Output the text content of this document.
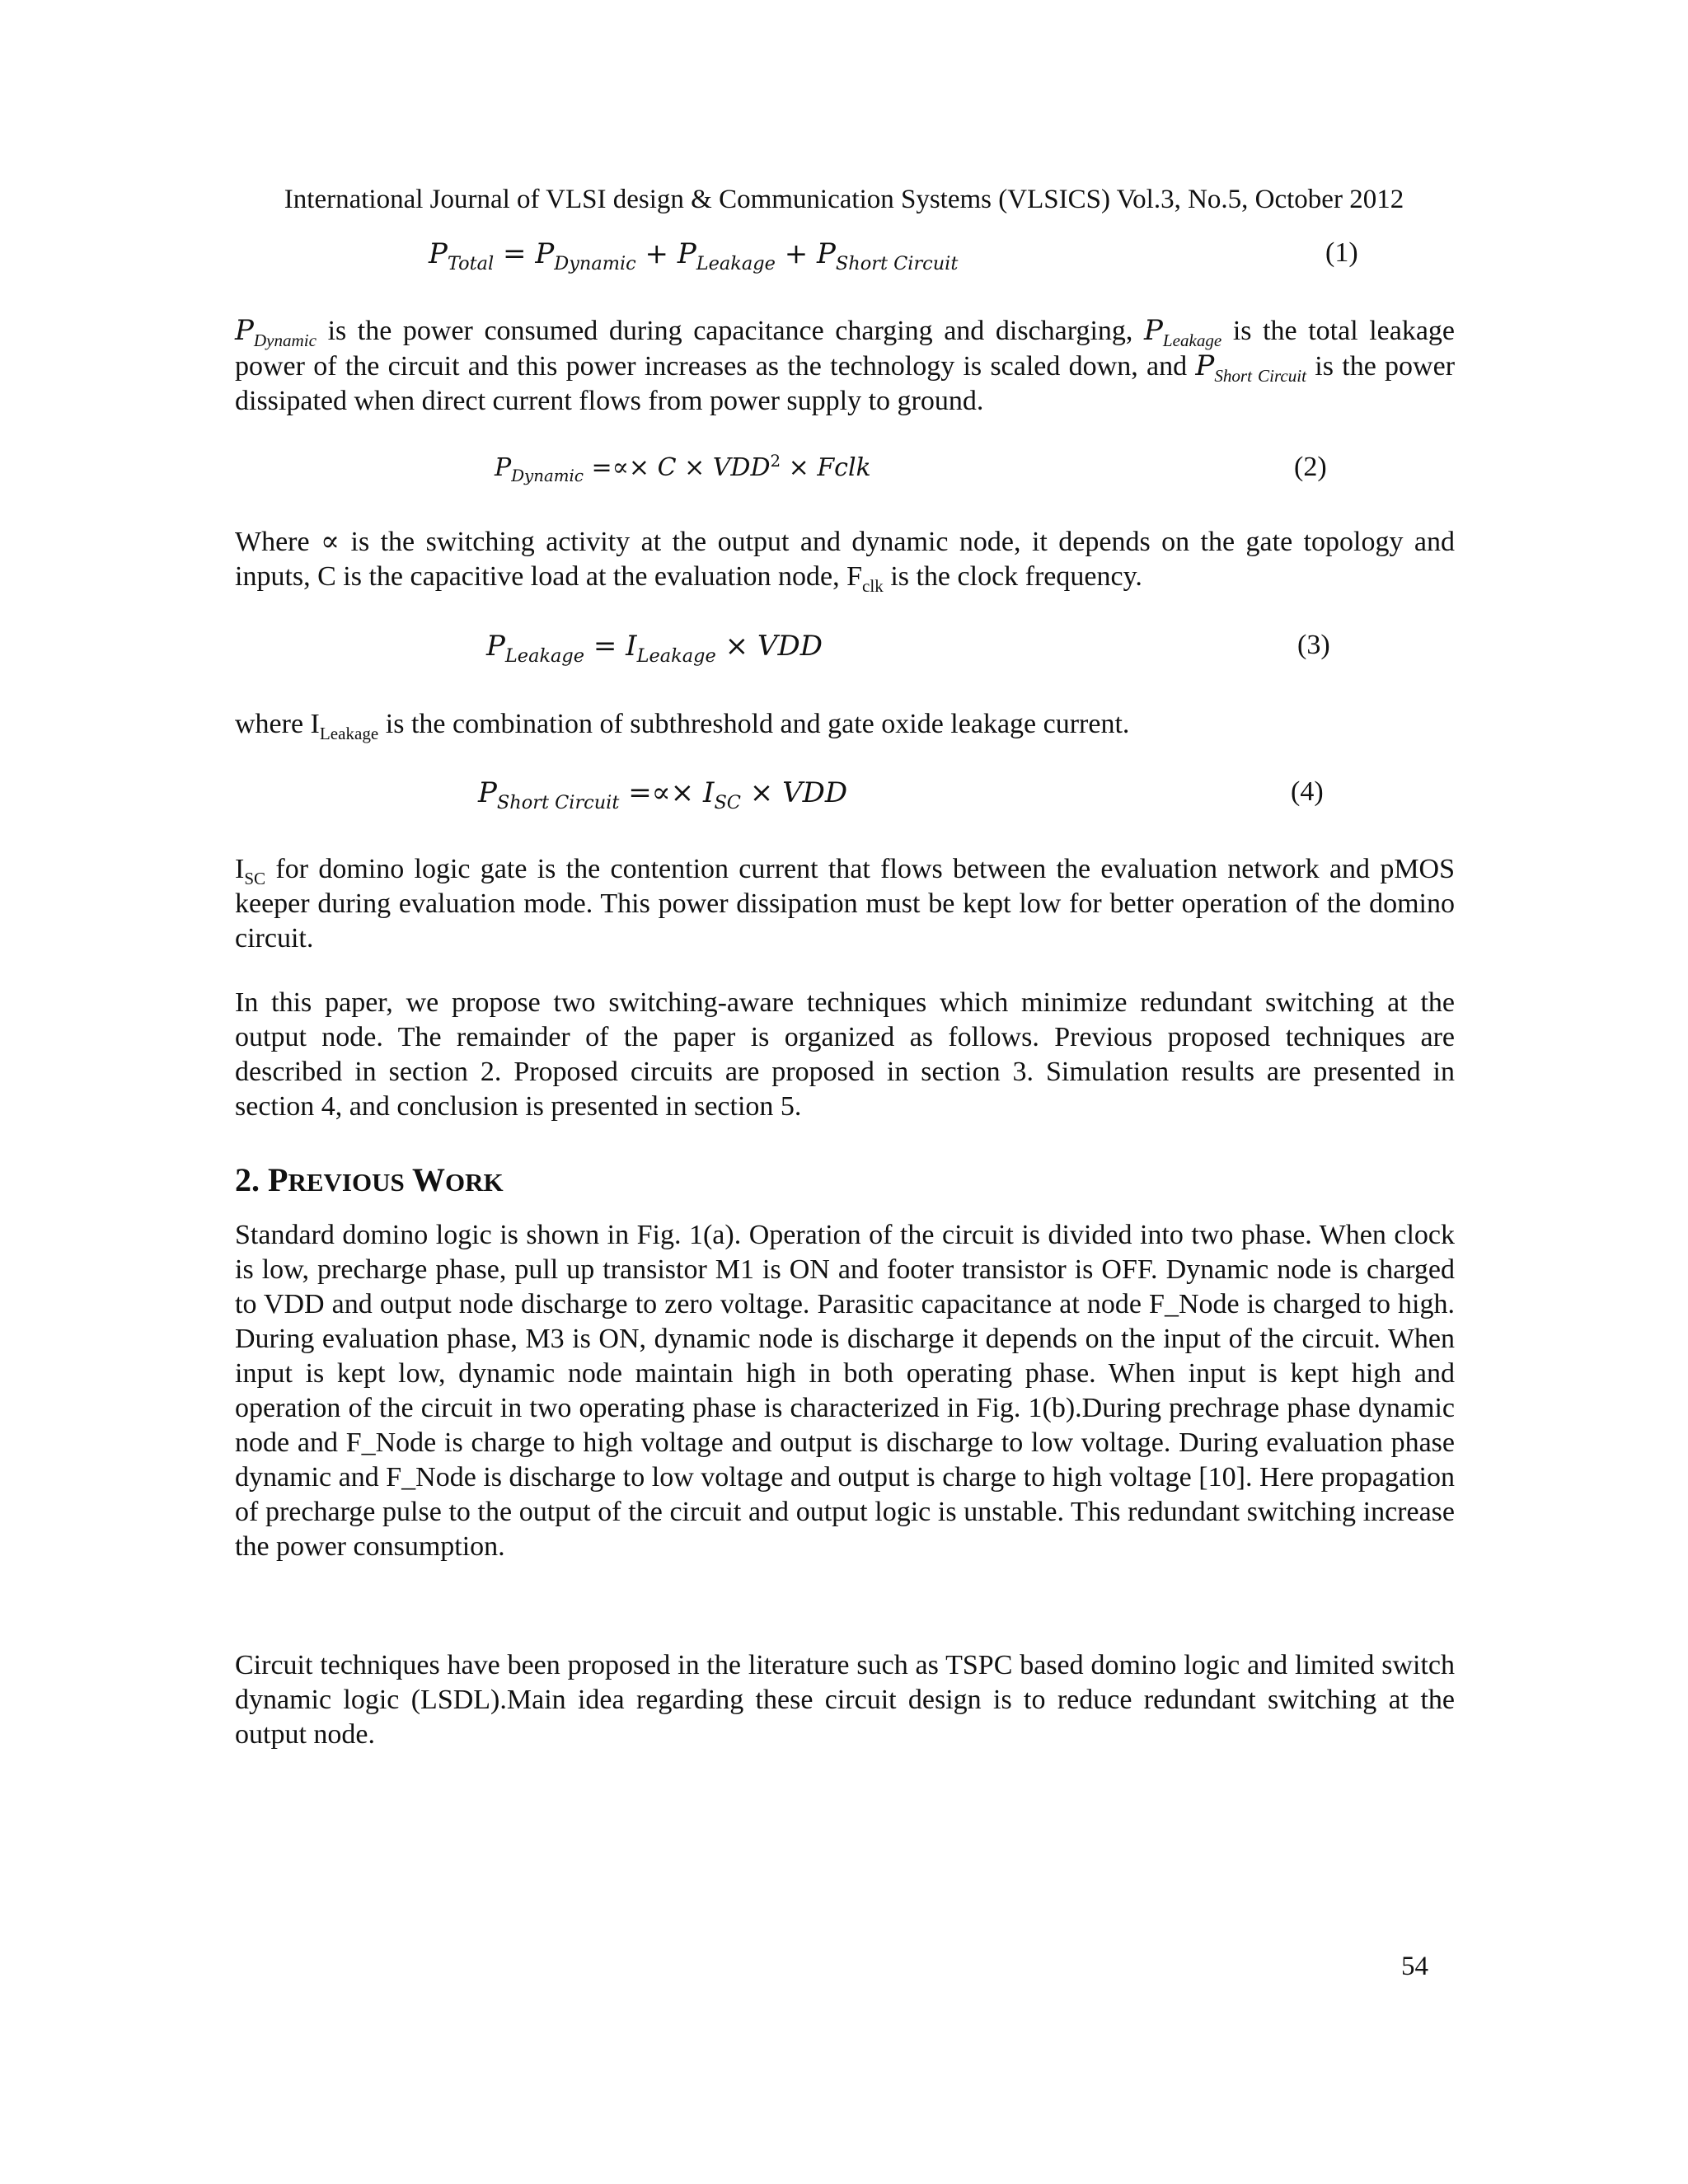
International Journal of VLSI design & Communication Systems (VLSICS) Vol.3, No.5, October 2012
$P_{Total} = P_{Dynamic} + P_{Leakage} + P_{Short Circuit}$	(1)
$P_{Dynamic}$ is the power consumed during capacitance charging and discharging, $P_{Leakage}$ is the total leakage power of the circuit and this power increases as the technology is scaled down, and $P_{Short Circuit}$ is the power dissipated when direct current flows from power supply to ground.
$P_{Dynamic}$ =∝× $C \times VDD^2$ × Fclk	(2)
Where ∝ is the switching activity at the output and dynamic node, it depends on the gate topology and inputs, C is the capacitive load at the evaluation node, $F_{clk}$ is the clock frequency.
$P_{Leakage} = I_{Leakage}$ × VDD	(3)
where $I_{Leakage}$ is the combination of subthreshold and gate oxide leakage current.
$P_{Short Circuit}$ =∝× $I_{SC}$ × VDD	(4)
$I_{SC}$ for domino logic gate is the contention current that flows between the evaluation network and pMOS keeper during evaluation mode. This power dissipation must be kept low for better operation of the domino circuit.
In this paper, we propose two switching-aware techniques which minimize redundant switching at the output node. The remainder of the paper is organized as follows. Previous proposed techniques are described in section 2. Proposed circuits are proposed in section 3. Simulation results are presented in section 4, and conclusion is presented in section 5.
2. PREVIOUS WORK
Standard domino logic is shown in Fig. 1(a). Operation of the circuit is divided into two phase. When clock is low, precharge phase, pull up transistor M1 is ON and footer transistor is OFF. Dynamic node is charged to VDD and output node discharge to zero voltage. Parasitic capacitance at node F_Node is charged to high. During evaluation phase, M3 is ON, dynamic node is discharge it depends on the input of the circuit. When input is kept low, dynamic node maintain high in both operating phase. When input is kept high and operation of the circuit in two operating phase is characterized in Fig. 1(b).During prechrage phase dynamic node and F_Node is charge to high voltage and output is discharge to low voltage. During evaluation phase dynamic and F_Node is discharge to low voltage and output is charge to high voltage [10]. Here propagation of precharge pulse to the output of the circuit and output logic is unstable. This redundant switching increase the power consumption.
Circuit techniques have been proposed in the literature such as TSPC based domino logic and limited switch dynamic logic (LSDL).Main idea regarding these circuit design is to reduce redundant switching at the output node.
54
